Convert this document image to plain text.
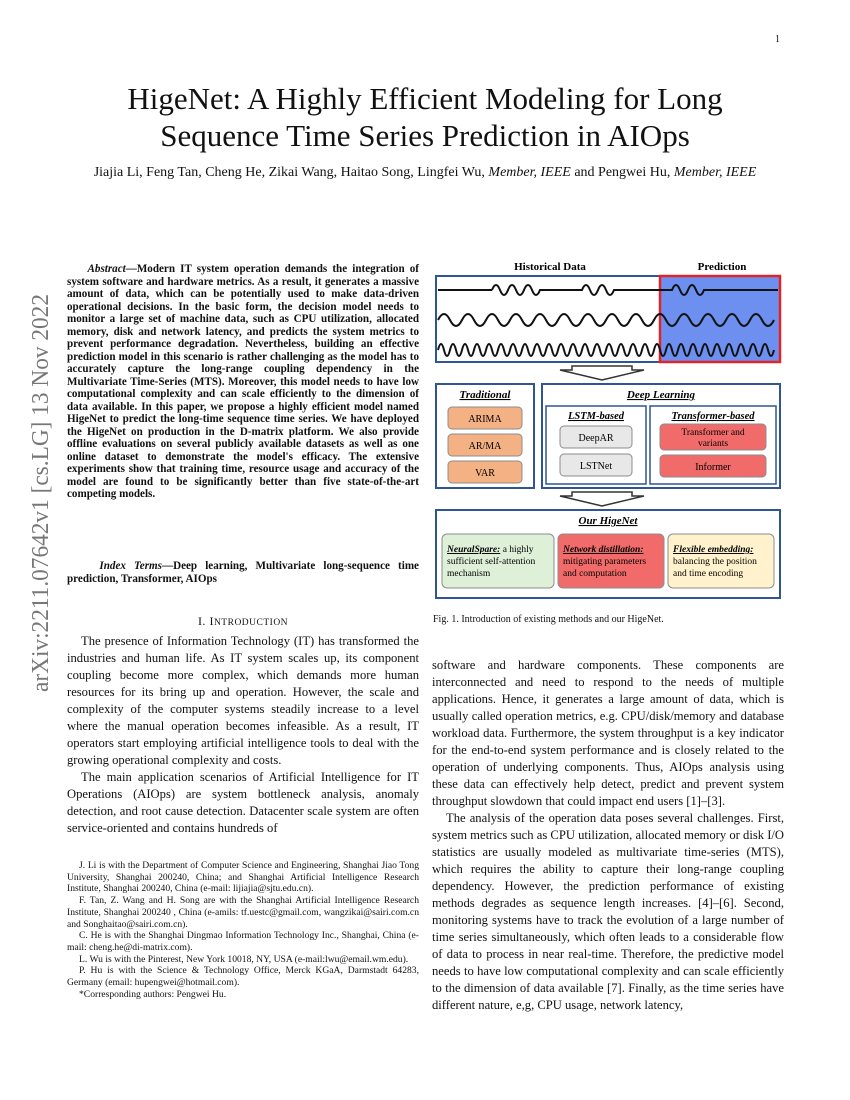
1
arXiv:2211.07642v1 [cs.LG] 13 Nov 2022
HigeNet: A Highly Efficient Modeling for Long
Sequence Time Series Prediction in AIOps
Jiajia Li, Feng Tan, Cheng He, Zikai Wang, Haitao Song, Lingfei Wu, Member, IEEE and Pengwei Hu, Member, IEEE
Abstract—Modern IT system operation demands the integration of system software and hardware metrics. As a result, it generates a massive amount of data, which can be potentially used to make data-driven operational decisions. In the basic form, the decision model needs to monitor a large set of machine data, such as CPU utilization, allocated memory, disk and network latency, and predicts the system metrics to prevent performance degradation. Nevertheless, building an effective prediction model in this scenario is rather challenging as the model has to accurately capture the long-range coupling dependency in the Multivariate Time-Series (MTS). Moreover, this model needs to have low computational complexity and can scale efficiently to the dimension of data available. In this paper, we propose a highly efficient model named HigeNet to predict the long-time sequence time series. We have deployed the HigeNet on production in the D-matrix platform. We also provide offline evaluations on several publicly available datasets as well as one online dataset to demonstrate the model's efficacy. The extensive experiments show that training time, resource usage and accuracy of the model are found to be significantly better than five state-of-the-art competing models.
Index Terms—Deep learning, Multivariate long-sequence time prediction, Transformer, AIOps
I. INTRODUCTION

The presence of Information Technology (IT) has transformed the industries and human life. As IT system scales up, its component coupling become more complex, which demands more human resources for its bring up and operation. However, the scale and complexity of the computer systems steadily increase to a level where the manual operation becomes infeasible. As a result, IT operators start employing artificial intelligence tools to deal with the growing operational complexity and costs.

The main application scenarios of Artificial Intelligence for IT Operations (AIOps) are system bottleneck analysis, anomaly detection, and root cause detection. Datacenter scale system are often service-oriented and contains hundreds of

J. Li is with the Department of Computer Science and Engineering, Shanghai Jiao Tong University, Shanghai 200240, China; and Shanghai Artificial Intelligence Research Institute, Shanghai 200240, China (e-mail: lijiajia@sjtu.edu.cn).

F. Tan, Z. Wang and H. Song are with the Shanghai Artificial Intelligence Research Institute, Shanghai 200240 , China (e-amils: tf.uestc@gmail.com, wangzikai@sairi.com.cn and Songhaitao@sairi.com.cn).

C. He is with the Shanghai Dingmao Information Technology Inc., Shanghai, China (e-mail: cheng.he@di-matrix.com).

L. Wu is with the Pinterest, New York 10018, NY, USA (e-mail:lwu@email.wm.edu).

P. Hu is with the Science & Technology Office, Merck KGaA, Darmstadt 64283, Germany (email: hupengwei@hotmail.com).

*Corresponding authors: Pengwei Hu.

Historical Data	Prediction
Traditional
ARIMA
AR/MA
VAR
Deep Learning
LSTM-based
DeepAR
LSTNet
Transformer-based
Transformer and
variants
Informer
Our HigeNet
NeuralSpare: a highly
sufficient self-attention
mechanism
Network distillation:
mitigating parameters
and computation
Flexible embedding:
balancing the position
and time encoding
Fig. 1. Introduction of existing methods and our HigeNet.

software and hardware components. These components are interconnected and need to respond to the needs of multiple applications. Hence, it generates a large amount of data, which is usually called operation metrics, e.g. CPU/disk/memory and database workload data. Furthermore, the system throughput is a key indicator for the end-to-end system performance and is closely related to the operation of underlying components. Thus, AIOps analysis using these data can effectively help detect, predict and prevent system throughput slowdown that could impact end users [1]–[3].

The analysis of the operation data poses several challenges. First, system metrics such as CPU utilization, allocated memory or disk I/O statistics are usually modeled as multivariate time-series (MTS), which requires the ability to capture their long-range coupling dependency. However, the prediction performance of existing methods degrades as sequence length increases. [4]–[6]. Second, monitoring systems have to track the evolution of a large number of time series simultaneously, which often leads to a considerable flow of data to process in near real-time. Therefore, the predictive model needs to have low computational complexity and can scale efficiently to the dimension of data available [7]. Finally, as the time series have different nature, e,g, CPU usage, network latency,
